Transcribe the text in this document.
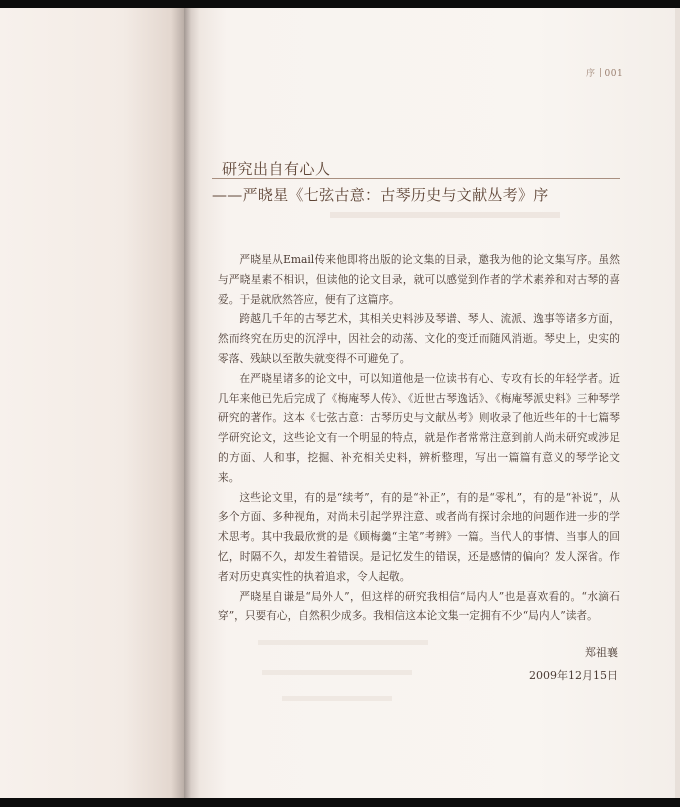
序 001
研究出自有心人
——严晓星《七弦古意：古琴历史与文献丛考》序

严晓星从Email传来他即将出版的论文集的目录，邀我为他的论文集写序。虽然与严晓星素不相识，但读他的论文目录，就可以感觉到作者的学术素养和对古琴的喜爱。于是就欣然答应，便有了这篇序。

跨越几千年的古琴艺术，其相关史料涉及琴谱、琴人、流派、逸事等诸多方面，然而终究在历史的沉浮中，因社会的动荡、文化的变迁而随风消逝。琴史上，史实的零落、残缺以至散失就变得不可避免了。

在严晓星诸多的论文中，可以知道他是一位读书有心、专攻有长的年轻学者。近几年来他已先后完成了《梅庵琴人传》、《近世古琴逸话》、《梅庵琴派史料》三种琴学研究的著作。这本《七弦古意：古琴历史与文献丛考》则收录了他近些年的十七篇琴学研究论文，这些论文有一个明显的特点，就是作者常常注意到前人尚未研究或涉足的方面、人和事，挖掘、补充相关史料，辨析整理，写出一篇篇有意义的琴学论文来。

这些论文里，有的是“续考”，有的是“补正”，有的是“零札”，有的是“补说”，从多个方面、多种视角，对尚未引起学界注意、或者尚有探讨余地的问题作进一步的学术思考。其中我最欣赏的是《顾梅羹“主笔”考辨》一篇。当代人的事情、当事人的回忆，时隔不久，却发生着错误。是记忆发生的错误，还是感情的偏向？发人深省。作者对历史真实性的执着追求，令人起敬。

严晓星自谦是“局外人”，但这样的研究我相信“局内人”也是喜欢看的。“水滴石穿”，只要有心，自然积少成多。我相信这本论文集一定拥有不少“局内人”读者。

郑祖襄
2009年12月15日
